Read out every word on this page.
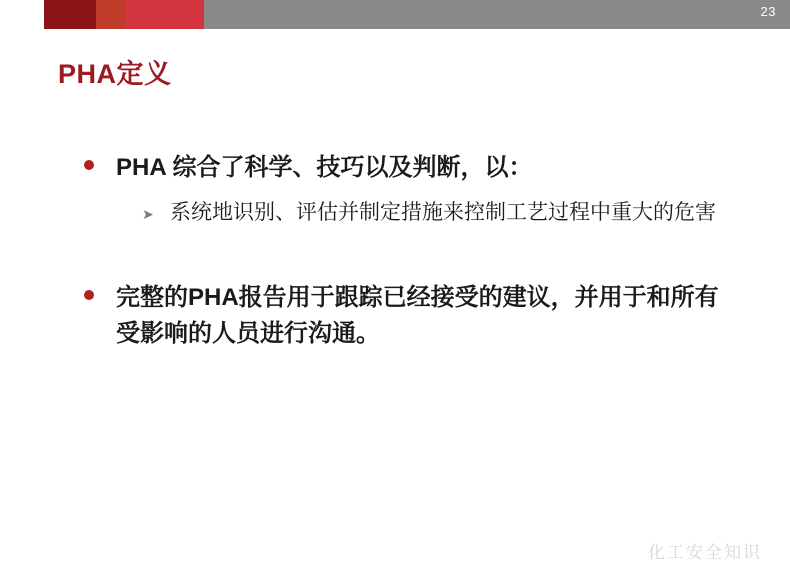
23
PHA定义
PHA 综合了科学、技巧以及判断，以：
➤ 系统地识别、评估并制定措施来控制工艺过程中重大的危害
完整的PHA报告用于跟踪已经接受的建议，并用于和所有受影响的人员进行沟通。
化工安全知识
